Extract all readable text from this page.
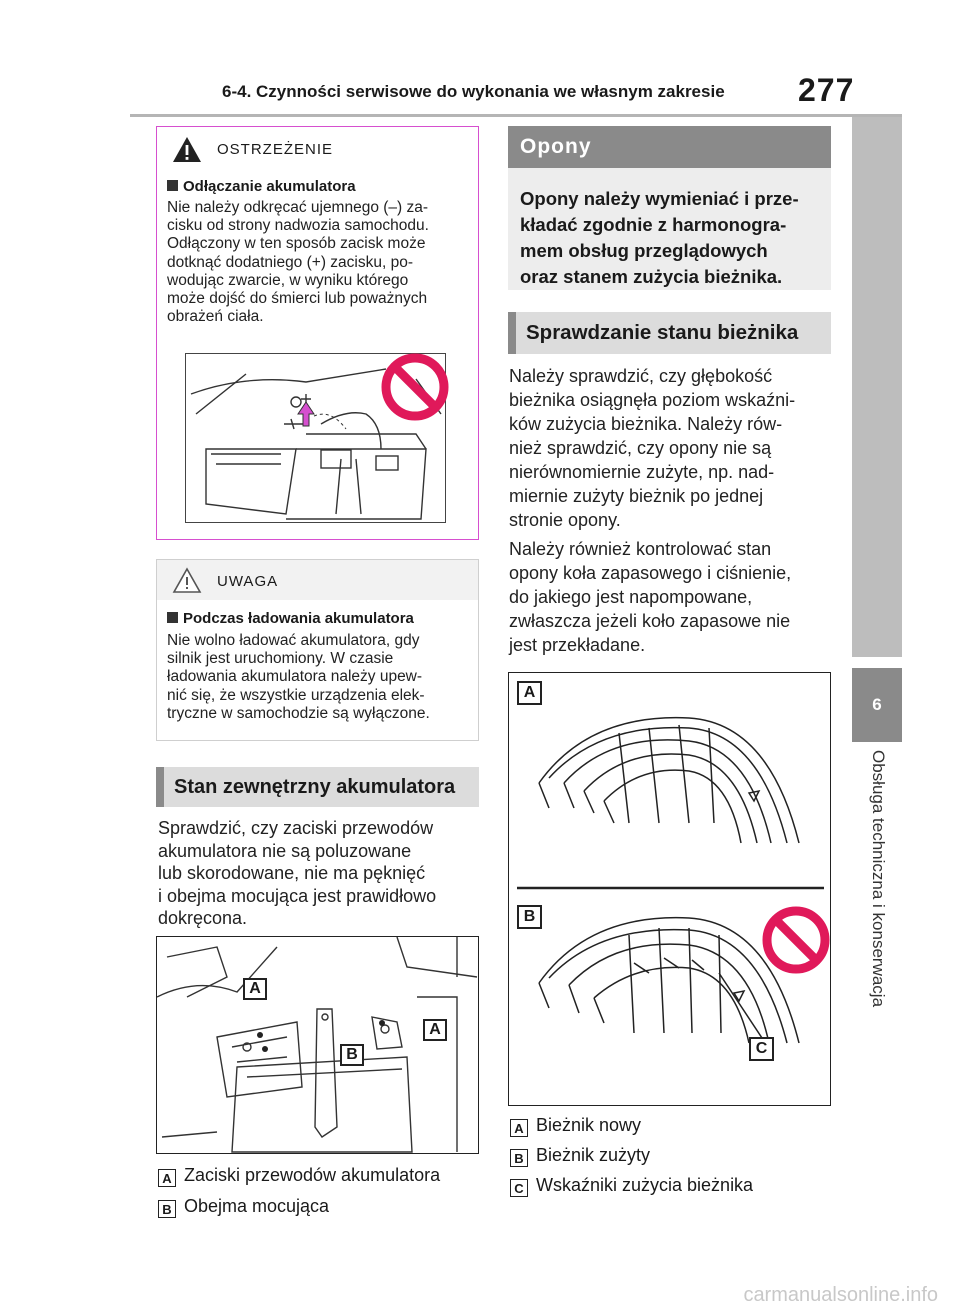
6-4. Czynności serwisowe do wykonania we własnym zakresie 277
6
Obsługa techniczna i konserwacja
OSTRZEŻENIE
Odłączanie akumulatora
Nie należy odkręcać ujemnego (–) za-
cisku od strony nadwozia samochodu.
Odłączony w ten sposób zacisk może
dotknąć dodatniego (+) zacisku, po-
wodując zwarcie, w wyniku którego
może dojść do śmierci lub poważnych
obrażeń ciała.
UWAGA
Podczas ładowania akumulatora
Nie wolno ładować akumulatora, gdy
silnik jest uruchomiony. W czasie
ładowania akumulatora należy upew-
nić się, że wszystkie urządzenia elek-
tryczne w samochodzie są wyłączone.
Stan zewnętrzny akumulatora
Sprawdzić, czy zaciski przewodów
akumulatora nie są poluzowane
lub skorodowane, nie ma pęknięć
i obejma mocująca jest prawidłowo
dokręcona.
A
B
A
A Zaciski przewodów akumulatora
B Obejma mocująca
Opony
Opony należy wymieniać i prze-
kładać zgodnie z harmonogra-
mem obsług przeglądowych
oraz stanem zużycia bieżnika.
Sprawdzanie stanu bieżnika
Należy sprawdzić, czy głębokość
bieżnika osiągnęła poziom wskaźni-
ków zużycia bieżnika. Należy rów-
nież sprawdzić, czy opony nie są
nierównomiernie zużyte, np. nad-
miernie zużyty bieżnik po jednej
stronie opony.
Należy również kontrolować stan
opony koła zapasowego i ciśnienie,
do jakiego jest napompowane,
zwłaszcza jeżeli koło zapasowe nie
jest przekładane.
A
B
C
A Bieżnik nowy
B Bieżnik zużyty
C Wskaźniki zużycia bieżnika
carmanualsonline.info
